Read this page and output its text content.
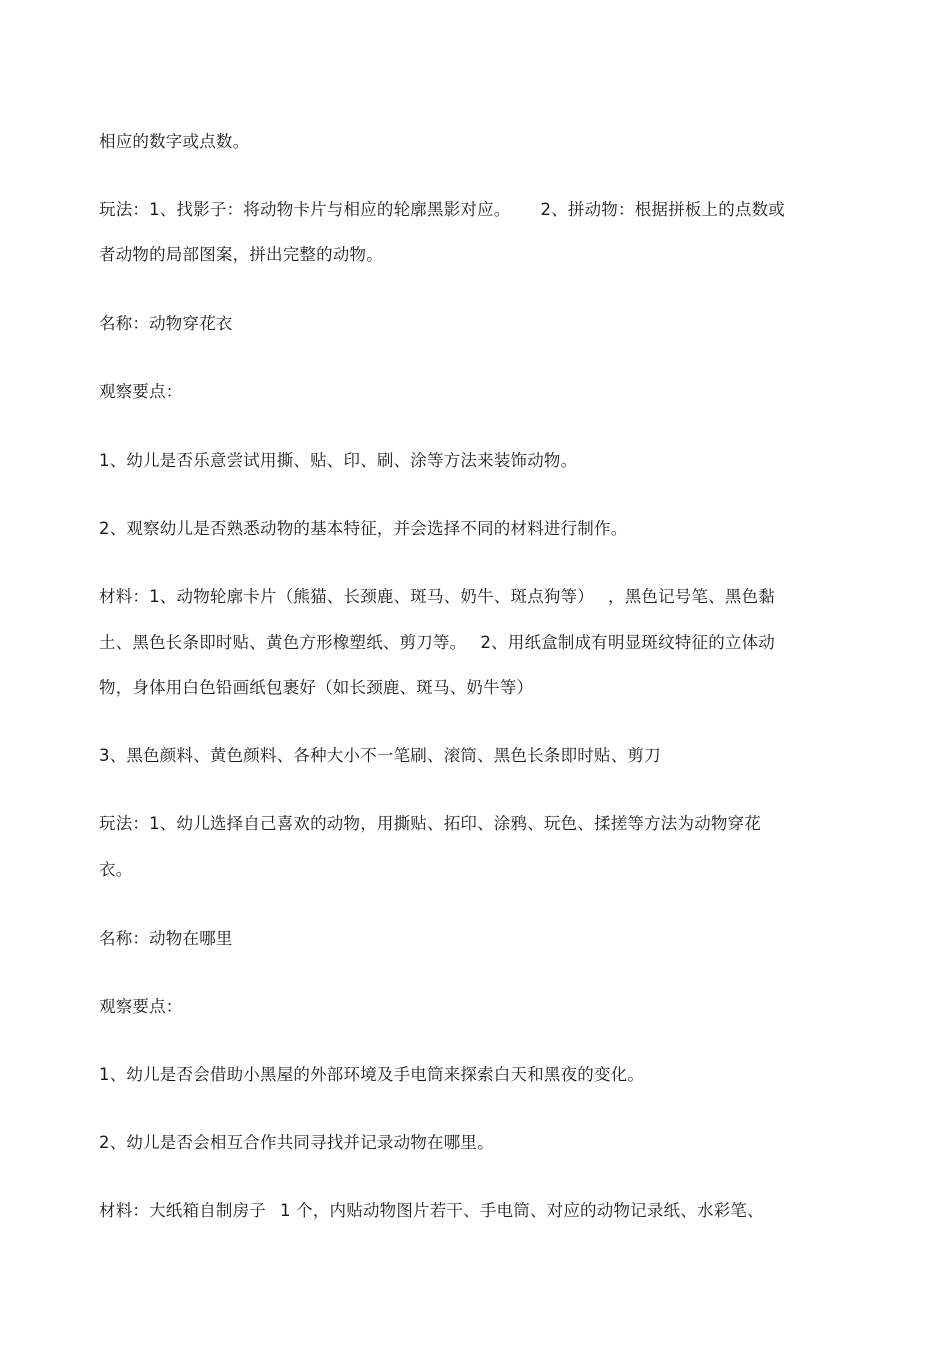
相应的数字或点数。
玩法：1、找影子：将动物卡片与相应的轮廓黑影对应。 2、拼动物：根据拼板上的点数或
者动物的局部图案，拼出完整的动物。
名称：动物穿花衣
观察要点：
1、幼儿是否乐意尝试用撕、贴、印、刷、涂等方法来装饰动物。
2、观察幼儿是否熟悉动物的基本特征，并会选择不同的材料进行制作。
材料：1、动物轮廓卡片（熊猫、长颈鹿、斑马、奶牛、斑点狗等） ，黑色记号笔、黑色黏
土、黑色长条即时贴、黄色方形橡塑纸、剪刀等。 2、用纸盒制成有明显斑纹特征的立体动
物，身体用白色铅画纸包裹好（如长颈鹿、斑马、奶牛等）
3、黑色颜料、黄色颜料、各种大小不一笔刷、滚筒、黑色长条即时贴、剪刀
玩法：1、幼儿选择自己喜欢的动物，用撕贴、拓印、涂鸦、玩色、揉搓等方法为动物穿花
衣。
名称：动物在哪里
观察要点：
1、幼儿是否会借助小黑屋的外部环境及手电筒来探索白天和黑夜的变化。
2、幼儿是否会相互合作共同寻找并记录动物在哪里。
材料：大纸箱自制房子 1 个，内贴动物图片若干、手电筒、对应的动物记录纸、水彩笔、
